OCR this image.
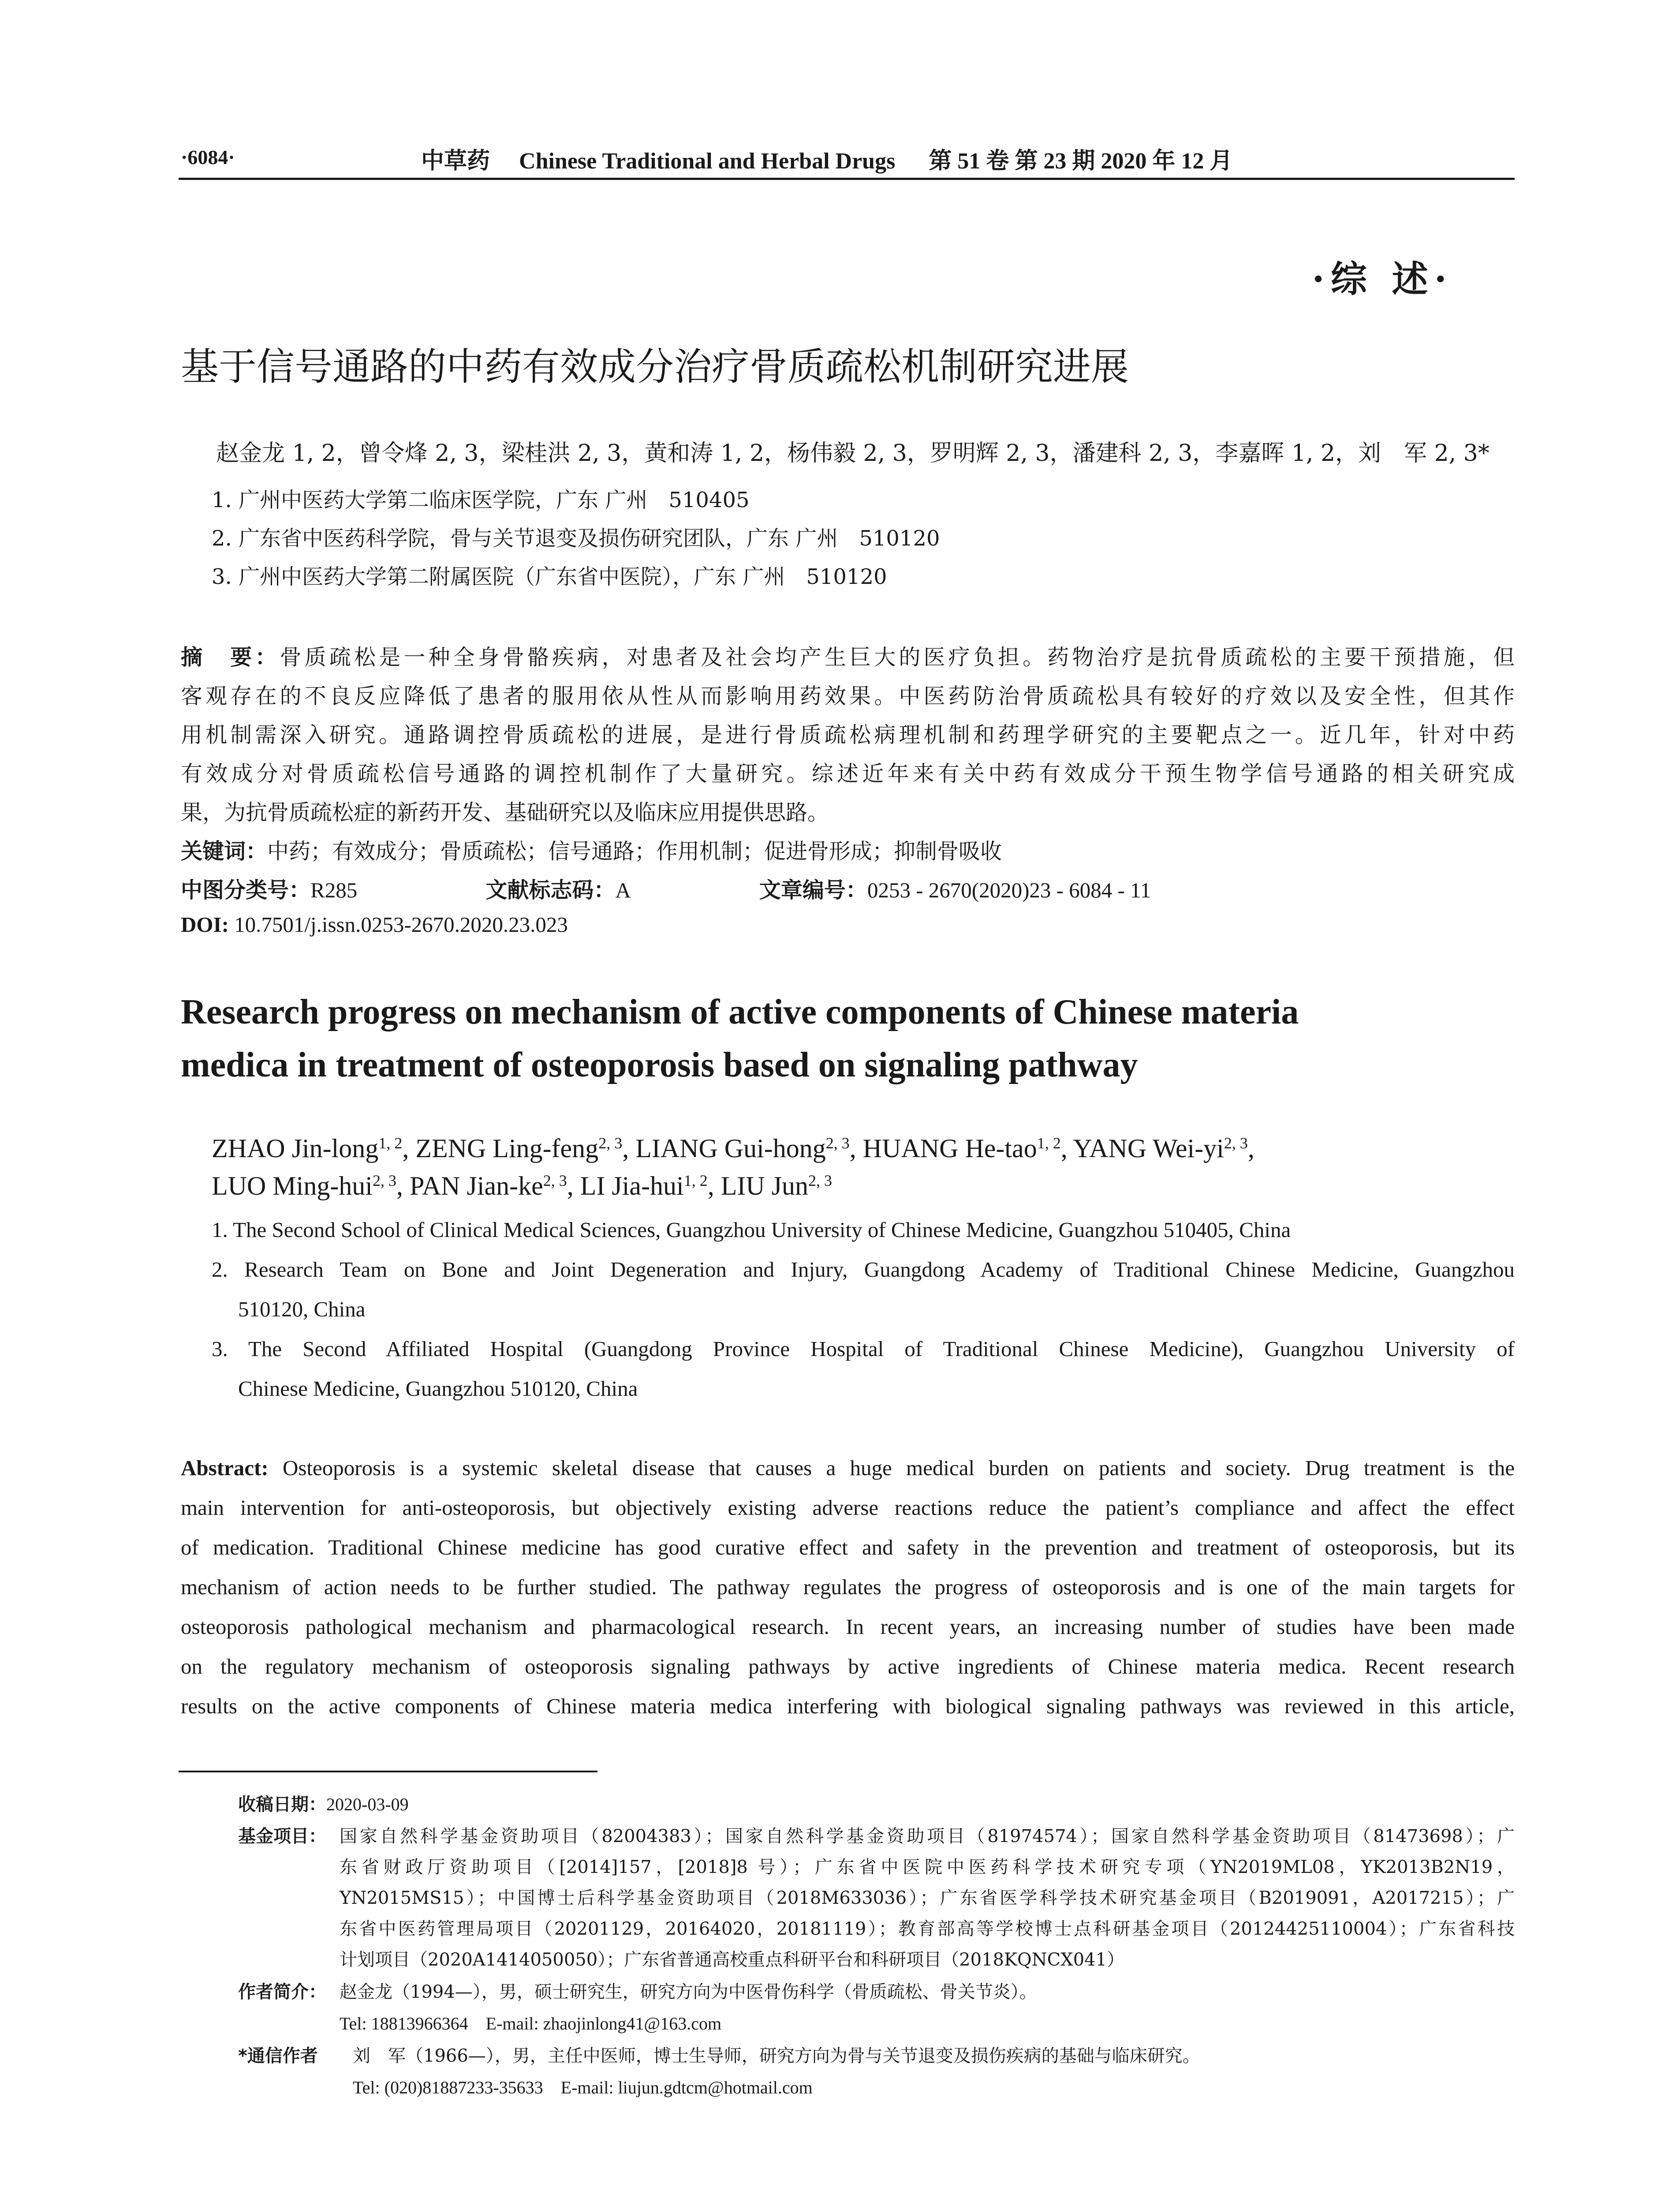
·6084·	中草药 Chinese Traditional and Herbal Drugs 第 51 卷 第 23 期 2020 年 12 月
·综 述·
基于信号通路的中药有效成分治疗骨质疏松机制研究进展
赵金龙 1, 2，曾令烽 2, 3，梁桂洪 2, 3，黄和涛 1, 2，杨伟毅 2, 3，罗明辉 2, 3，潘建科 2, 3，李嘉晖 1, 2，刘　军 2, 3*
1. 广州中医药大学第二临床医学院，广东 广州　510405
2. 广东省中医药科学院，骨与关节退变及损伤研究团队，广东 广州　510120
3. 广州中医药大学第二附属医院（广东省中医院），广东 广州　510120
摘　要：骨质疏松是一种全身骨骼疾病，对患者及社会均产生巨大的医疗负担。药物治疗是抗骨质疏松的主要干预措施，但
客观存在的不良反应降低了患者的服用依从性从而影响用药效果。中医药防治骨质疏松具有较好的疗效以及安全性，但其作
用机制需深入研究。通路调控骨质疏松的进展，是进行骨质疏松病理机制和药理学研究的主要靶点之一。近几年，针对中药
有效成分对骨质疏松信号通路的调控机制作了大量研究。综述近年来有关中药有效成分干预生物学信号通路的相关研究成
果，为抗骨质疏松症的新药开发、基础研究以及临床应用提供思路。
关键词：中药；有效成分；骨质疏松；信号通路；作用机制；促进骨形成；抑制骨吸收
中图分类号：R285	文献标志码：A	文章编号：0253 - 2670(2020)23 - 6084 - 11
DOI: 10.7501/j.issn.0253-2670.2020.23.023
Research progress on mechanism of active components of Chinese materia
medica in treatment of osteoporosis based on signaling pathway
ZHAO Jin-long$^{1, 2}$, ZENG Ling-feng$^{2, 3}$, LIANG Gui-hong$^{2, 3}$, HUANG He-tao$^{1, 2}$, YANG Wei-yi$^{2, 3}$,
LUO Ming-hui$^{2, 3}$, PAN Jian-ke$^{2, 3}$, LI Jia-hui$^{1, 2}$, LIU Jun$^{2, 3}$
1. The Second School of Clinical Medical Sciences, Guangzhou University of Chinese Medicine, Guangzhou 510405, China
2. Research Team on Bone and Joint Degeneration and Injury, Guangdong Academy of Traditional Chinese Medicine, Guangzhou
510120, China
3. The Second Affiliated Hospital (Guangdong Province Hospital of Traditional Chinese Medicine), Guangzhou University of
Chinese Medicine, Guangzhou 510120, China
Abstract: Osteoporosis is a systemic skeletal disease that causes a huge medical burden on patients and society. Drug treatment is the
main intervention for anti-osteoporosis, but objectively existing adverse reactions reduce the patient’s compliance and affect the effect
of medication. Traditional Chinese medicine has good curative effect and safety in the prevention and treatment of osteoporosis, but its
mechanism of action needs to be further studied. The pathway regulates the progress of osteoporosis and is one of the main targets for
osteoporosis pathological mechanism and pharmacological research. In recent years, an increasing number of studies have been made
on the regulatory mechanism of osteoporosis signaling pathways by active ingredients of Chinese materia medica. Recent research
results on the active components of Chinese materia medica interfering with biological signaling pathways was reviewed in this article,
收稿日期：2020-03-09
基金项目： 国家自然科学基金资助项目（82004383）；国家自然科学基金资助项目（81974574）；国家自然科学基金资助项目（81473698）；广
东省财政厅资助项目（[2014]157，[2018]8 号）；广东省中医院中医药科学技术研究专项（YN2019ML08，YK2013B2N19，
YN2015MS15）；中国博士后科学基金资助项目（2018M633036）；广东省医学科学技术研究基金项目（B2019091，A2017215）；广
东省中医药管理局项目（20201129，20164020，20181119）；教育部高等学校博士点科研基金项目（20124425110004）；广东省科技
计划项目（2020A1414050050）；广东省普通高校重点科研平台和科研项目（2018KQNCX041）
作者简介： 赵金龙（1994—），男，硕士研究生，研究方向为中医骨伤科学（骨质疏松、骨关节炎）。
Tel: 18813966364　E-mail: zhaojinlong41@163.com
*通信作者 刘　军（1966—），男，主任中医师，博士生导师，研究方向为骨与关节退变及损伤疾病的基础与临床研究。
Tel: (020)81887233-35633　E-mail: liujun.gdtcm@hotmail.com
